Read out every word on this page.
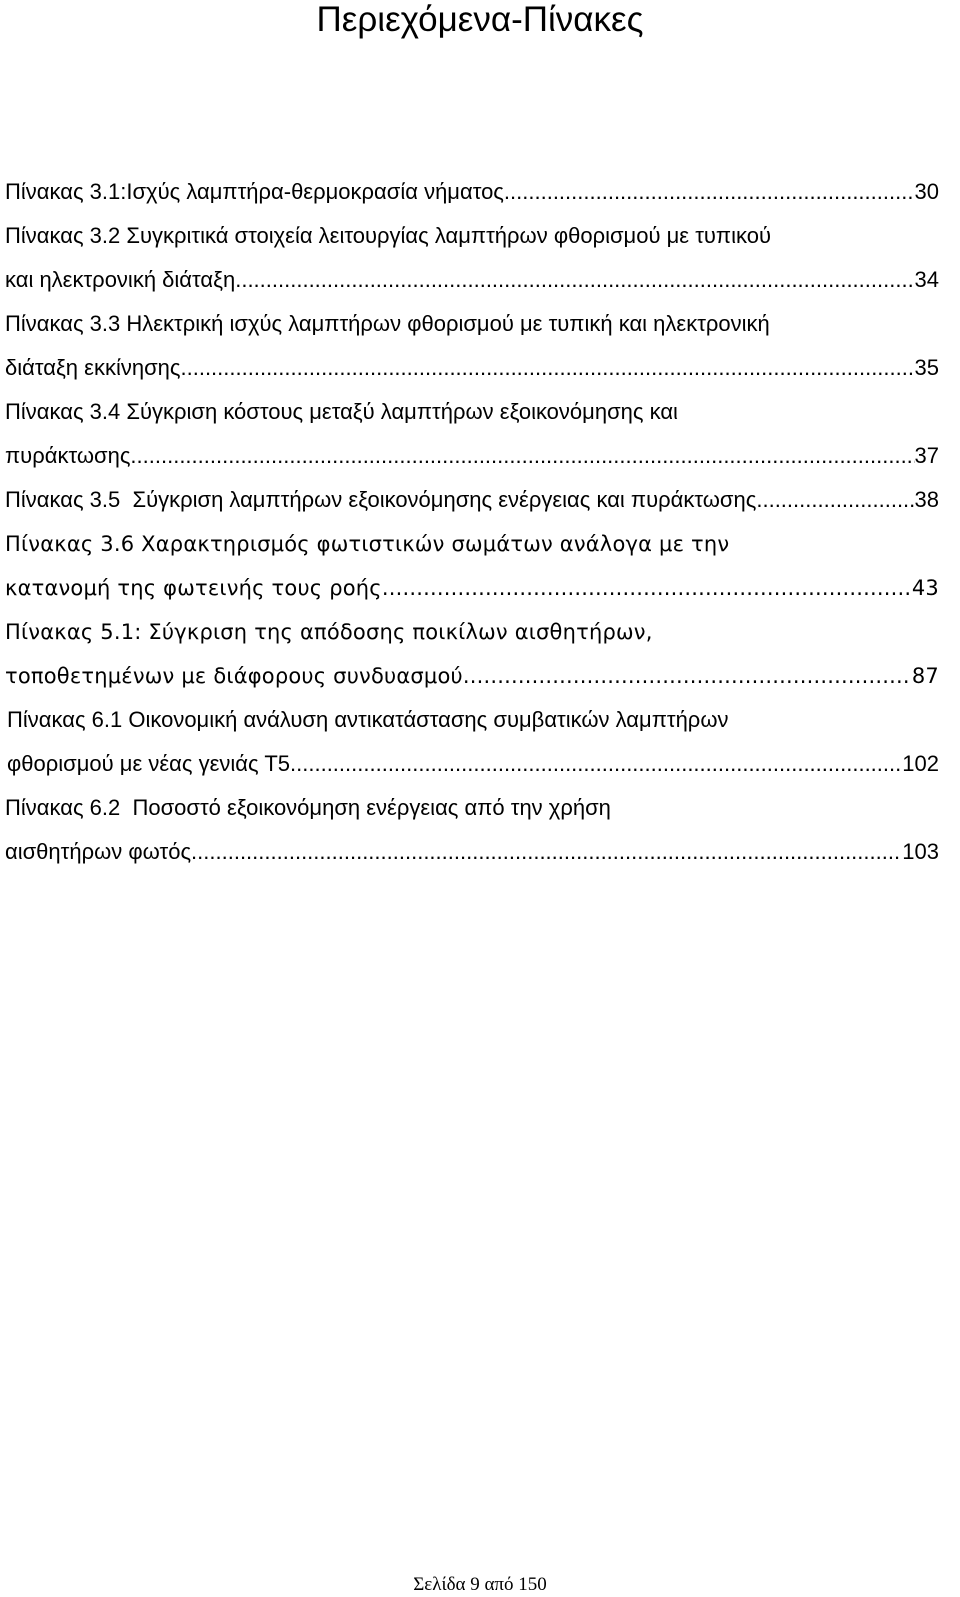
Περιεχόμενα-Πίνακες
Πίνακας 3.1:Ισχύς λαμπτήρα-θερμοκρασία νήματος .....	30
Πίνακας 3.2 Συγκριτικά στοιχεία λειτουργίας λαμπτήρων φθορισμού με τυπικού
και ηλεκτρονική διάταξη .....	34
Πίνακας 3.3 Ηλεκτρική ισχύς λαμπτήρων φθορισμού με τυπική και ηλεκτρονική
διάταξη εκκίνησης .....	35
Πίνακας 3.4 Σύγκριση κόστους μεταξύ λαμπτήρων εξοικονόμησης και
πυράκτωσης .....	37
Πίνακας 3.5  Σύγκριση λαμπτήρων εξοικονόμησης ενέργειας και πυράκτωσης .....	38
Πίνακας 3.6 Χαρακτηρισμός φωτιστικών σωμάτων ανάλογα με την
κατανομή της φωτεινής τους ροής .....	43
Πίνακας 5.1: Σύγκριση της απόδοσης ποικίλων αισθητήρων,
τοποθετημένων με διάφορους συνδυασμού .....	87
Πίνακας 6.1 Οικονομική ανάλυση αντικατάστασης συμβατικών λαμπτήρων
φθορισμού με νέας γενιάς Τ5 .....	102
Πίνακας 6.2  Ποσοστό εξοικονόμηση ενέργειας από την χρήση
αισθητήρων φωτός .....	103
Σελίδα 9 από 150
